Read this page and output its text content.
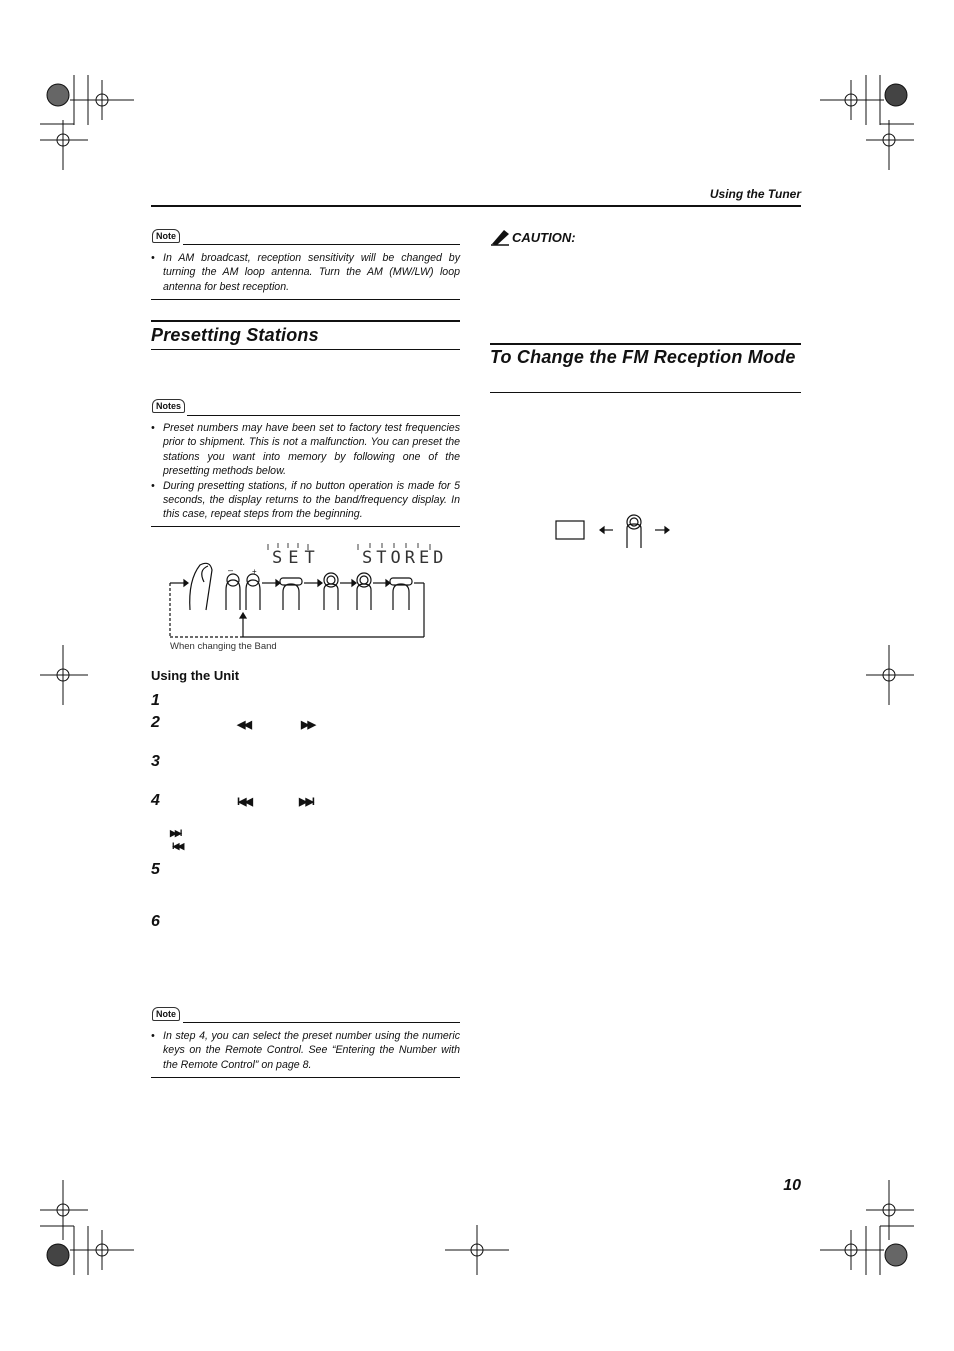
Using the Tuner
Note
• In AM broadcast, reception sensitivity will be changed by turning the AM loop antenna. Turn the AM (MW/LW) loop antenna for best reception.
Presetting Stations
Notes
• Preset numbers may have been set to factory test frequencies prior to shipment. This is not a malfunction. You can preset the stations you want into memory by following one of the presetting methods below.
• During presetting stations, if no button operation is made for 5 seconds, the display returns to the band/frequency display. In this case, repeat steps from the beginning.
SET STORED
– +
When changing the Band
Using the Unit
1
2	◀◀	▶▶
3
4	I◀◀	▶▶I
▶▶I
I◀◀
5
6
Note
• In step 4, you can select the preset number using the numeric keys on the Remote Control. See “Entering the Number with the Remote Control” on page 8.
CAUTION:
To Change the FM Reception Mode
10
